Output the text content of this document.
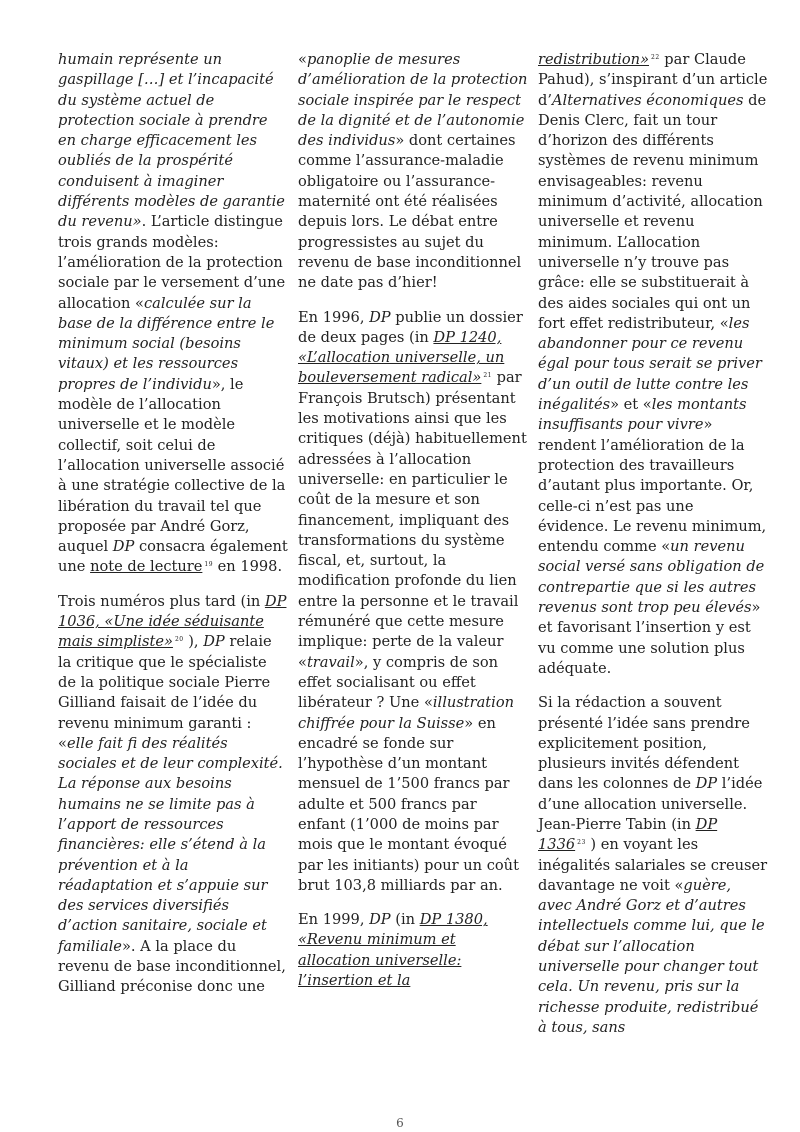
humain représente un gaspillage […] et l’incapacité du système actuel de protection sociale à prendre en charge efficacement les oubliés de la prospérité conduisent à imaginer différents modèles de garantie du revenu». L’article distingue trois grands modèles: l’amélioration de la protection sociale par le versement d’une allocation «calculée sur la base de la différence entre le minimum social (besoins vitaux) et les ressources propres de l’individu», le modèle de l’allocation universelle et le modèle collectif, soit celui de l’allocation universelle associé à une stratégie collective de la libération du travail tel que proposée par André Gorz, auquel DP consacra également une note de lecture $^{19}$ en 1998.

Trois numéros plus tard (in DP 1036, «Une idée séduisante mais simpliste» $^{20}$ ), DP relaie la critique que le spécialiste de la politique sociale Pierre Gilliand faisait de l’idée du revenu minimum garanti : «elle fait fi des réalités sociales et de leur complexité. La réponse aux besoins humains ne se limite pas à l’apport de ressources financières: elle s’étend à la prévention et à la réadaptation et s’appuie sur des services diversifiés d’action sanitaire, sociale et familiale». A la place du revenu de base inconditionnel, Gilliand préconise donc une

«panoplie de mesures d’amélioration de la protection sociale inspirée par le respect de la dignité et de l’autonomie des individus» dont certaines comme l’assurance-maladie obligatoire ou l’assurance-maternité ont été réalisées depuis lors. Le débat entre progressistes au sujet du revenu de base inconditionnel ne date pas d’hier!

En 1996, DP publie un dossier de deux pages (in DP 1240, «L’allocation universelle, un bouleversement radical» $^{21}$ par François Brutsch) présentant les motivations ainsi que les critiques (déjà) habituellement adressées à l’allocation universelle: en particulier le coût de la mesure et son financement, impliquant des transformations du système fiscal, et, surtout, la modification profonde du lien entre la personne et le travail rémunéré que cette mesure implique: perte de la valeur «travail», y compris de son effet socialisant ou effet libérateur ? Une «illustration chiffrée pour la Suisse» en encadré se fonde sur l’hypothèse d’un montant mensuel de 1’500 francs par adulte et 500 francs par enfant (1’000 de moins par mois que le montant évoqué par les initiants) pour un coût brut 103,8 milliards par an.

En 1999, DP (in DP 1380, «Revenu minimum et allocation universelle: l’insertion et la

redistribution» $^{22}$ par Claude Pahud), s’inspirant d’un article d’Alternatives économiques de Denis Clerc, fait un tour d’horizon des différents systèmes de revenu minimum envisageables: revenu minimum d’activité, allocation universelle et revenu minimum. L’allocation universelle n’y trouve pas grâce: elle se substituerait à des aides sociales qui ont un fort effet redistributeur, «les abandonner pour ce revenu égal pour tous serait se priver d’un outil de lutte contre les inégalités» et «les montants insuffisants pour vivre» rendent l’amélioration de la protection des travailleurs d’autant plus importante. Or, celle-ci n’est pas une évidence. Le revenu minimum, entendu comme «un revenu social versé sans obligation de contrepartie que si les autres revenus sont trop peu élevés» et favorisant l’insertion y est vu comme une solution plus adéquate.

Si la rédaction a souvent présenté l’idée sans prendre explicitement position, plusieurs invités défendent dans les colonnes de DP l’idée d’une allocation universelle. Jean-Pierre Tabin (in DP 1336 $^{23}$ ) en voyant les inégalités salariales se creuser davantage ne voit «guère, avec André Gorz et d’autres intellectuels comme lui, que le débat sur l’allocation universelle pour changer tout cela. Un revenu, pris sur la richesse produite, redistribué à tous, sans

6
